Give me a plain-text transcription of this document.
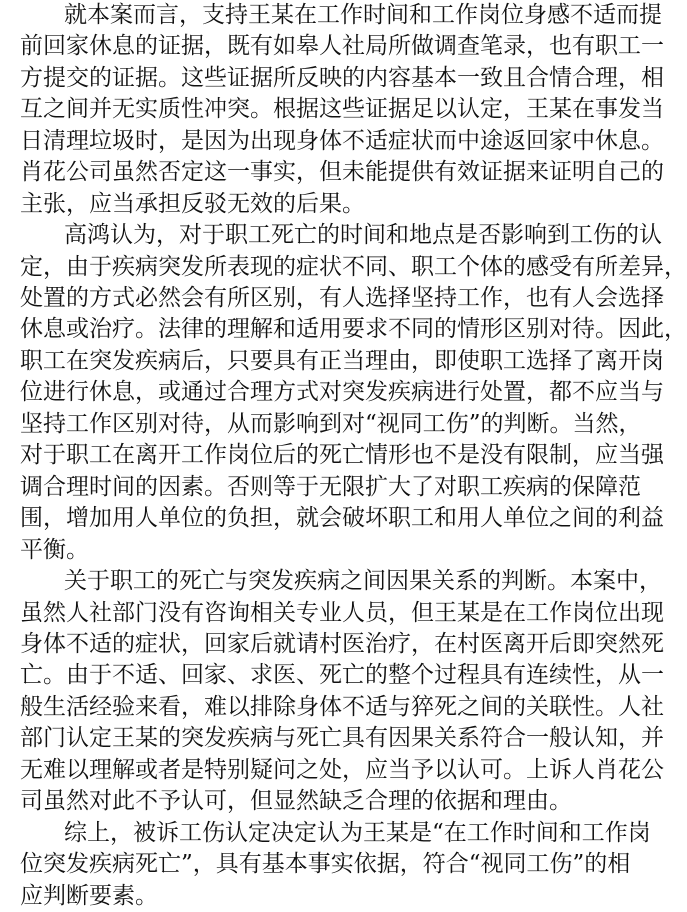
就本案而言，支持王某在工作时间和工作岗位身感不适而提
前回家休息的证据，既有如皋人社局所做调查笔录，也有职工一
方提交的证据。这些证据所反映的内容基本一致且合情合理，相
互之间并无实质性冲突。根据这些证据足以认定，王某在事发当
日清理垃圾时，是因为出现身体不适症状而中途返回家中休息。
肖花公司虽然否定这一事实，但未能提供有效证据来证明自己的
主张，应当承担反驳无效的后果。
高鸿认为，对于职工死亡的时间和地点是否影响到工伤的认
定，由于疾病突发所表现的症状不同、职工个体的感受有所差异，
处置的方式必然会有所区别，有人选择坚持工作，也有人会选择
休息或治疗。法律的理解和适用要求不同的情形区别对待。因此，
职工在突发疾病后，只要具有正当理由，即使职工选择了离开岗
位进行休息，或通过合理方式对突发疾病进行处置，都不应当与
坚持工作区别对待，从而影响到对“视同工伤”的判断。当然，
对于职工在离开工作岗位后的死亡情形也不是没有限制，应当强
调合理时间的因素。否则等于无限扩大了对职工疾病的保障范
围，增加用人单位的负担，就会破坏职工和用人单位之间的利益
平衡。
关于职工的死亡与突发疾病之间因果关系的判断。本案中，
虽然人社部门没有咨询相关专业人员，但王某是在工作岗位出现
身体不适的症状，回家后就请村医治疗，在村医离开后即突然死
亡。由于不适、回家、求医、死亡的整个过程具有连续性，从一
般生活经验来看，难以排除身体不适与猝死之间的关联性。人社
部门认定王某的突发疾病与死亡具有因果关系符合一般认知，并
无难以理解或者是特别疑问之处，应当予以认可。上诉人肖花公
司虽然对此不予认可，但显然缺乏合理的依据和理由。
综上，被诉工伤认定决定认为王某是“在工作时间和工作岗
位突发疾病死亡”，具有基本事实依据，符合“视同工伤”的相
应判断要素。
